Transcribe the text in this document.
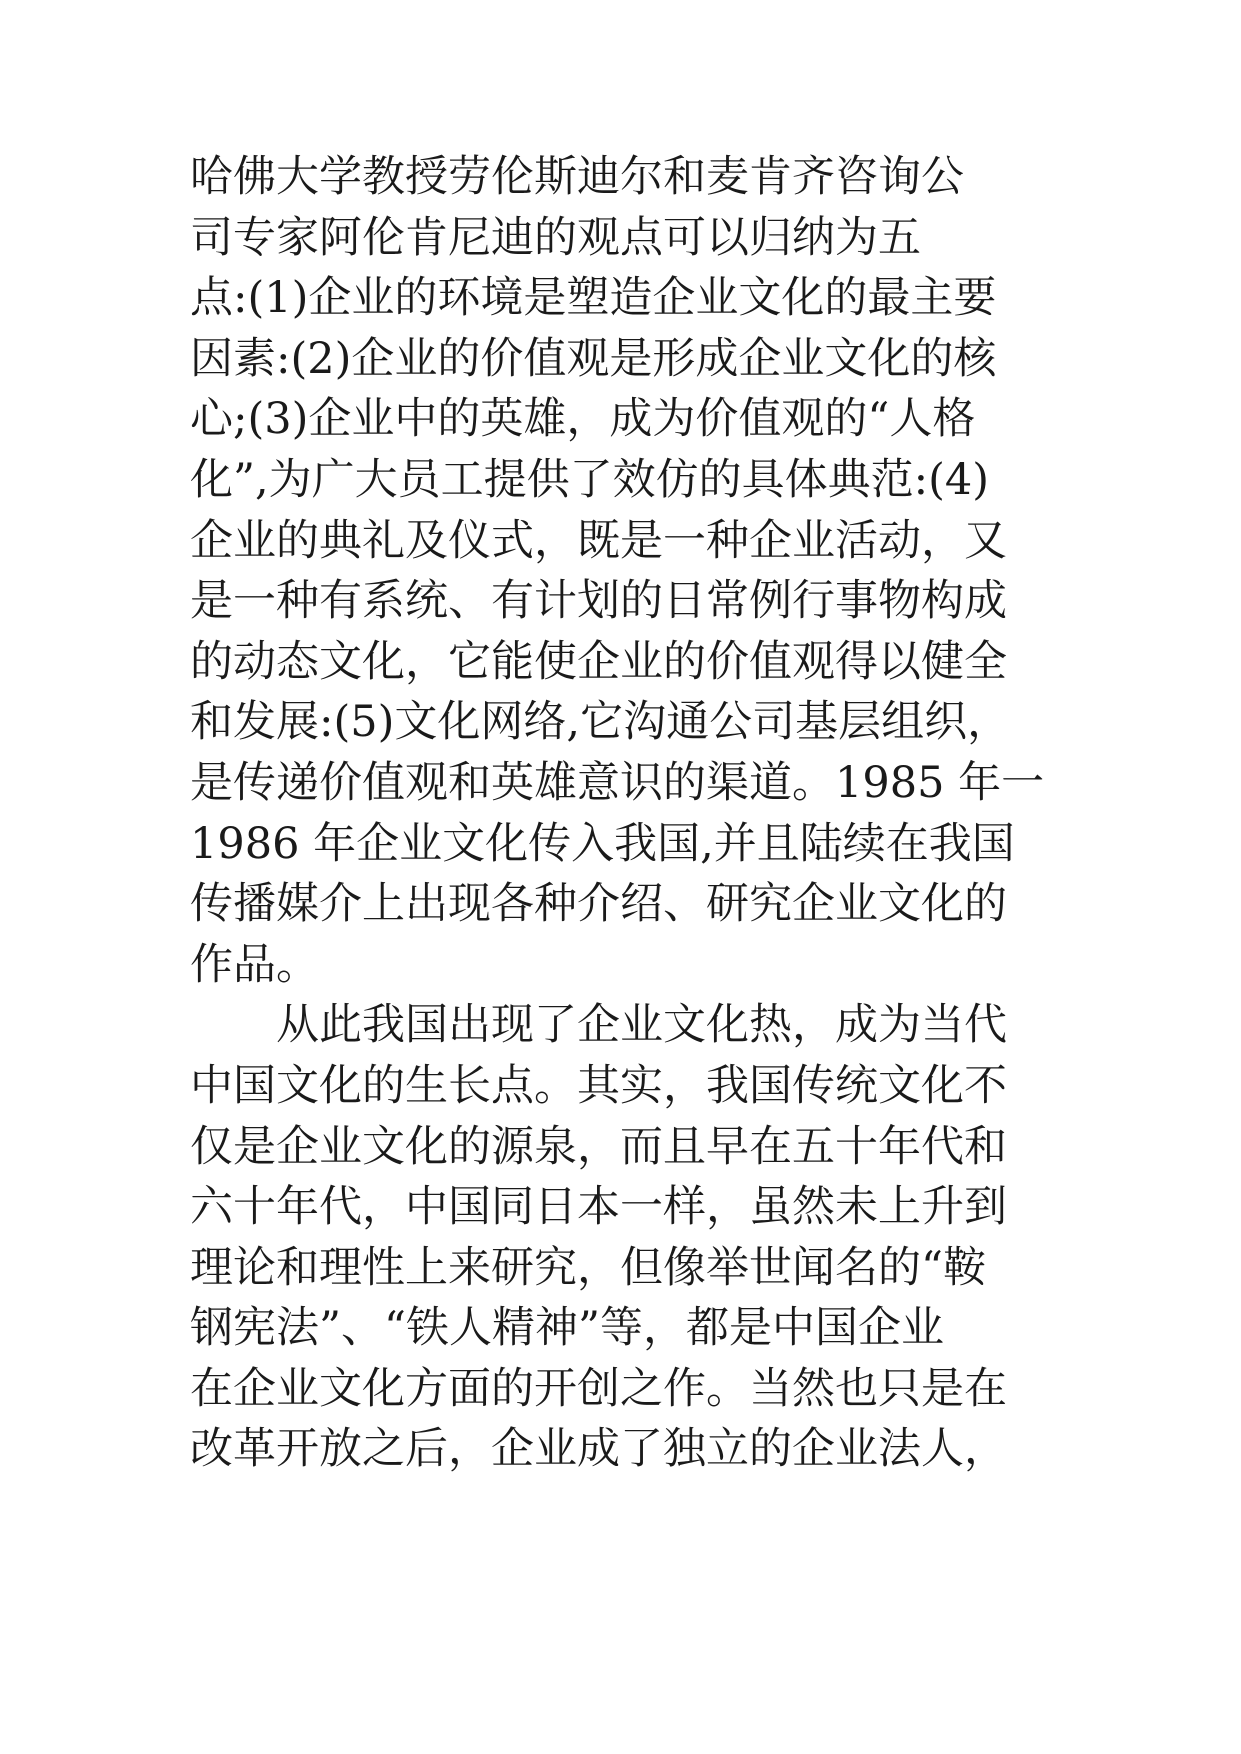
哈佛大学教授劳伦斯迪尔和麦肯齐咨询公
司专家阿伦肯尼迪的观点可以归纳为五
点:(1)企业的环境是塑造企业文化的最主要
因素:(2)企业的价值观是形成企业文化的核
心;(3)企业中的英雄，成为价值观的“人格
化”,为广大员工提供了效仿的具体典范:(4)
企业的典礼及仪式，既是一种企业活动，又
是一种有系统、有计划的日常例行事物构成
的动态文化，它能使企业的价值观得以健全
和发展:(5)文化网络,它沟通公司基层组织，
是传递价值观和英雄意识的渠道。1985 年一
1986 年企业文化传入我国,并且陆续在我国
传播媒介上出现各种介绍、研究企业文化的
作品。
从此我国出现了企业文化热，成为当代
中国文化的生长点。其实，我国传统文化不
仅是企业文化的源泉，而且早在五十年代和
六十年代，中国同日本一样，虽然未上升到
理论和理性上来研究，但像举世闻名的“鞍
钢宪法”、“铁人精神”等，都是中国企业
在企业文化方面的开创之作。当然也只是在
改革开放之后，企业成了独立的企业法人，
